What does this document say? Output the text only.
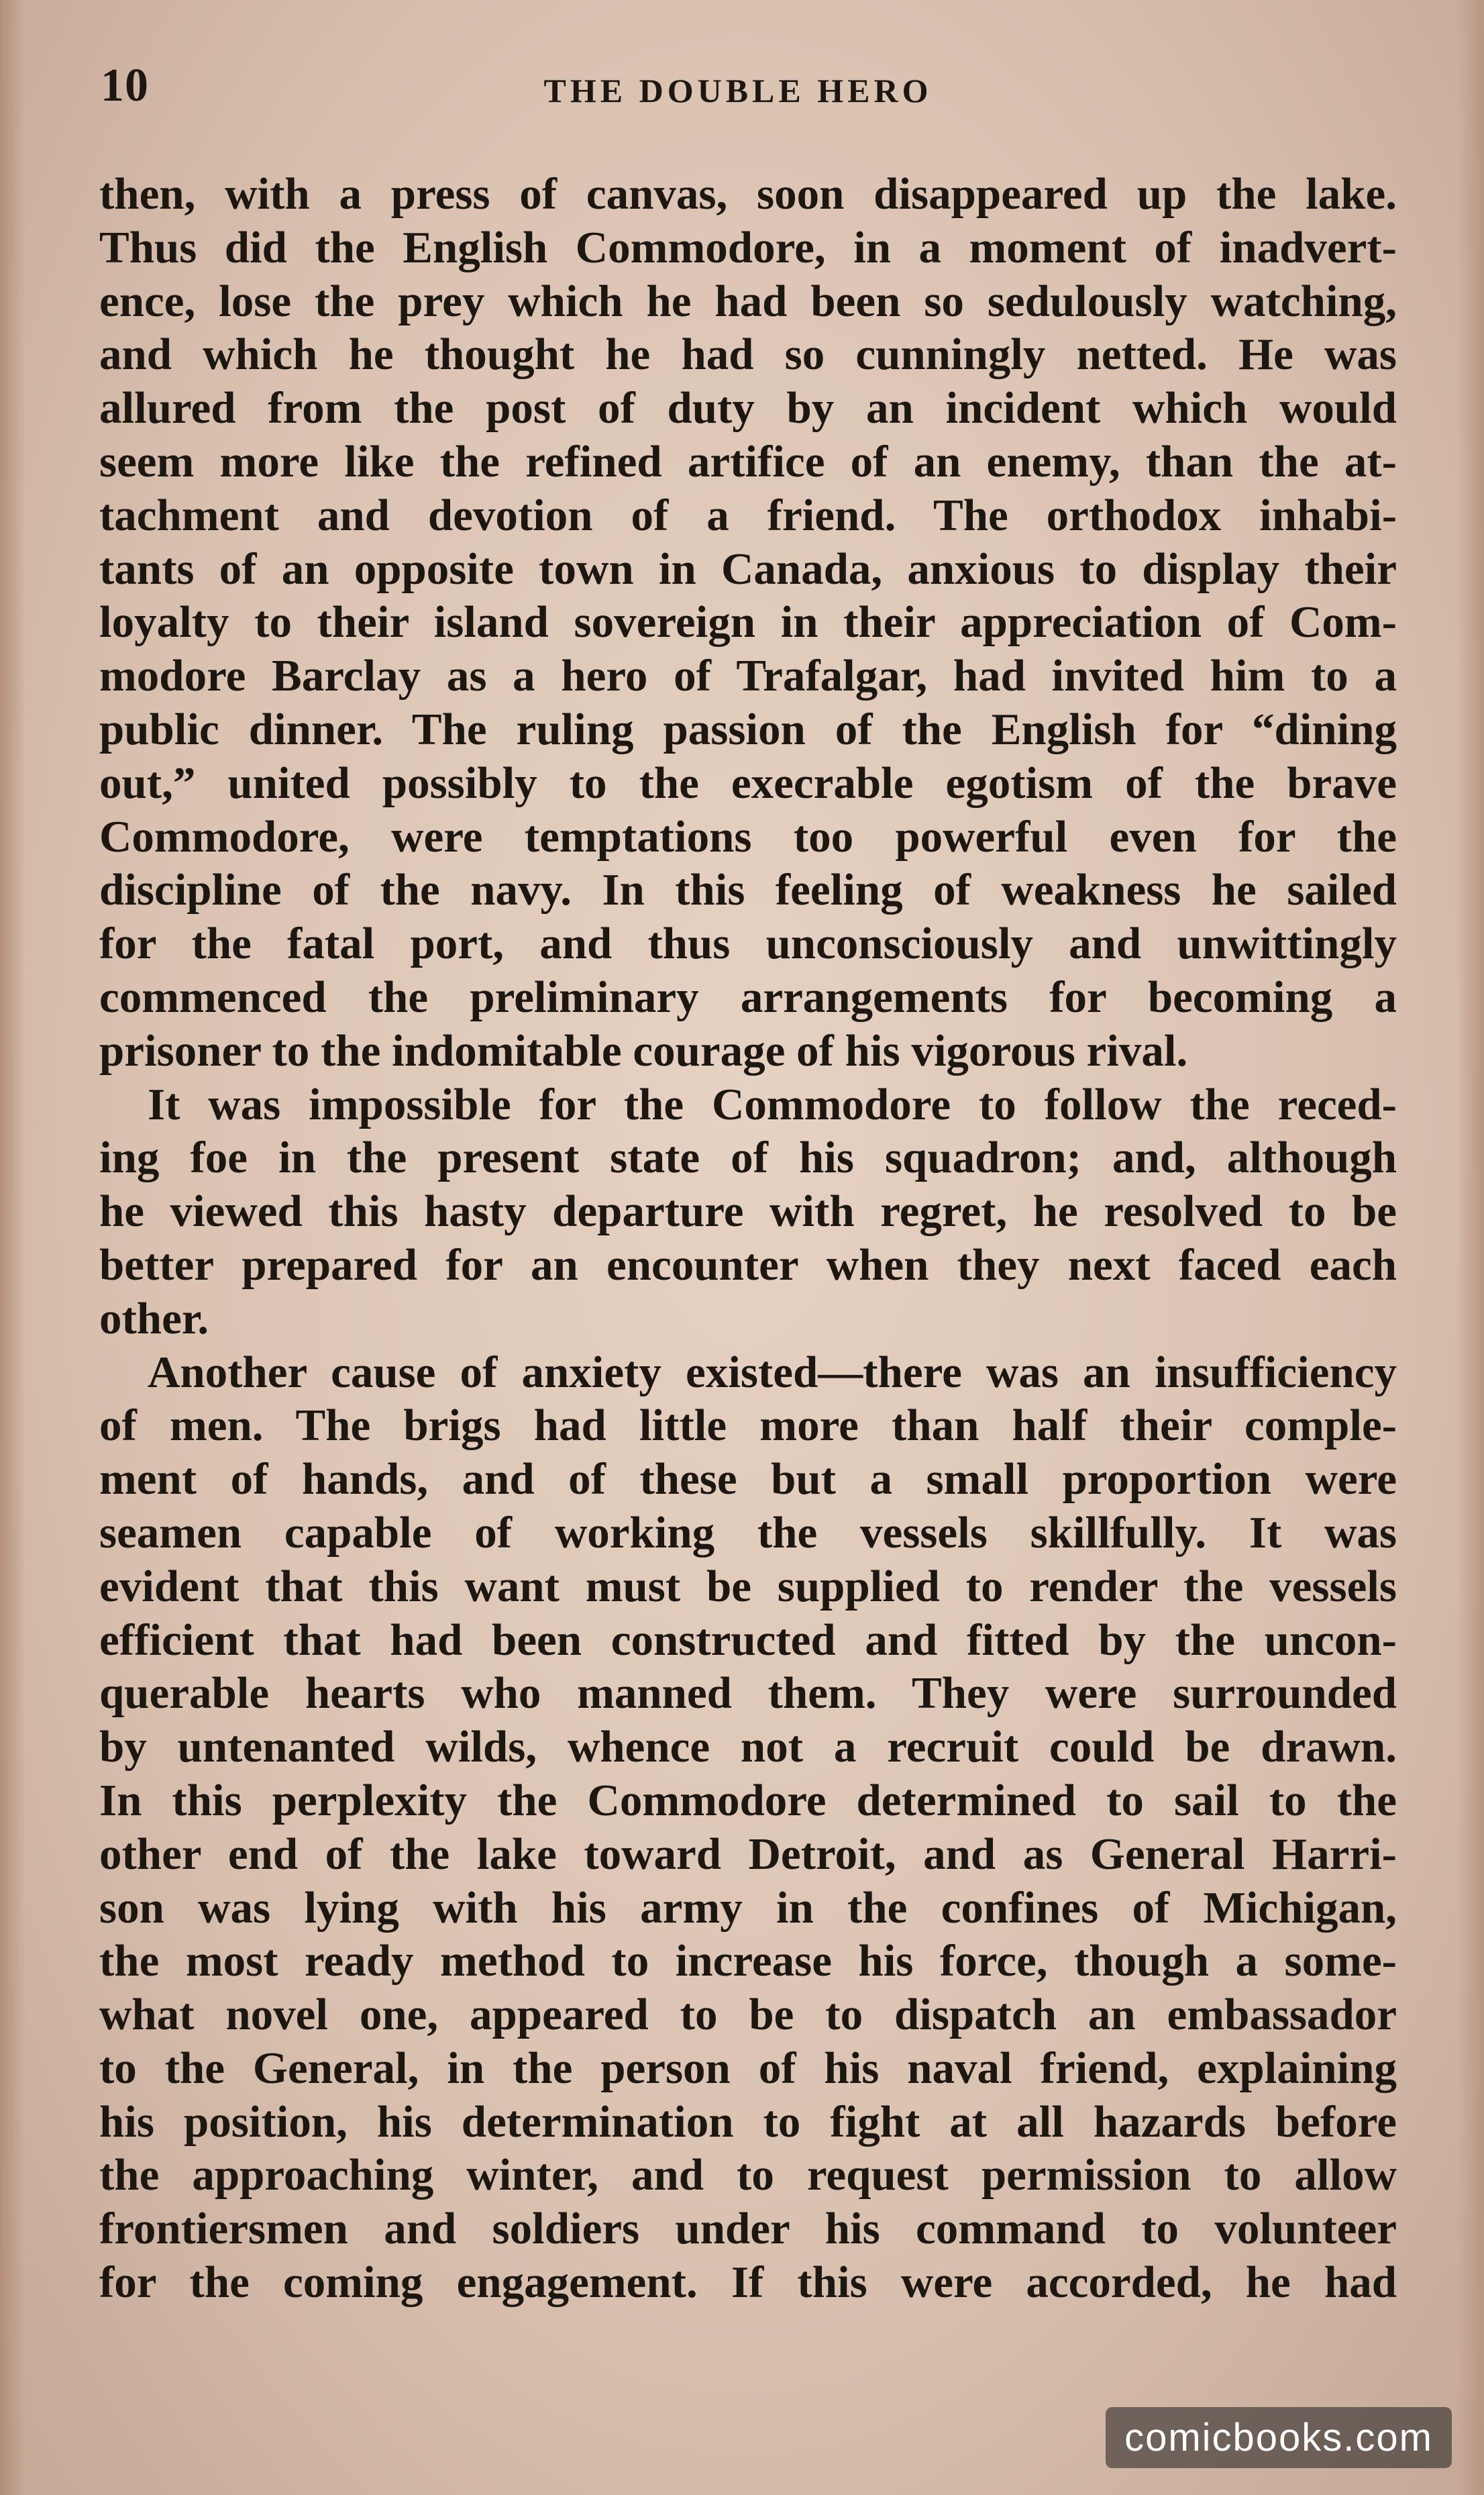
10	THE DOUBLE HERO
then, with a press of canvas, soon disappeared up the lake.
Thus did the English Commodore, in a moment of inadvert-
ence, lose the prey which he had been so sedulously watching,
and which he thought he had so cunningly netted. He was
allured from the post of duty by an incident which would
seem more like the refined artifice of an enemy, than the at-
tachment and devotion of a friend. The orthodox inhabi-
tants of an opposite town in Canada, anxious to display their
loyalty to their island sovereign in their appreciation of Com-
modore Barclay as a hero of Trafalgar, had invited him to a
public dinner. The ruling passion of the English for “dining
out,” united possibly to the execrable egotism of the brave
Commodore, were temptations too powerful even for the
discipline of the navy. In this feeling of weakness he sailed
for the fatal port, and thus unconsciously and unwittingly
commenced the preliminary arrangements for becoming a
prisoner to the indomitable courage of his vigorous rival.
It was impossible for the Commodore to follow the reced-
ing foe in the present state of his squadron; and, although
he viewed this hasty departure with regret, he resolved to be
better prepared for an encounter when they next faced each
other.
Another cause of anxiety existed—there was an insufficiency
of men. The brigs had little more than half their comple-
ment of hands, and of these but a small proportion were
seamen capable of working the vessels skillfully. It was
evident that this want must be supplied to render the vessels
efficient that had been constructed and fitted by the uncon-
querable hearts who manned them. They were surrounded
by untenanted wilds, whence not a recruit could be drawn.
In this perplexity the Commodore determined to sail to the
other end of the lake toward Detroit, and as General Harri-
son was lying with his army in the confines of Michigan,
the most ready method to increase his force, though a some-
what novel one, appeared to be to dispatch an embassador
to the General, in the person of his naval friend, explaining
his position, his determination to fight at all hazards before
the approaching winter, and to request permission to allow
frontiersmen and soldiers under his command to volunteer
for the coming engagement. If this were accorded, he had
comicbooks.com
